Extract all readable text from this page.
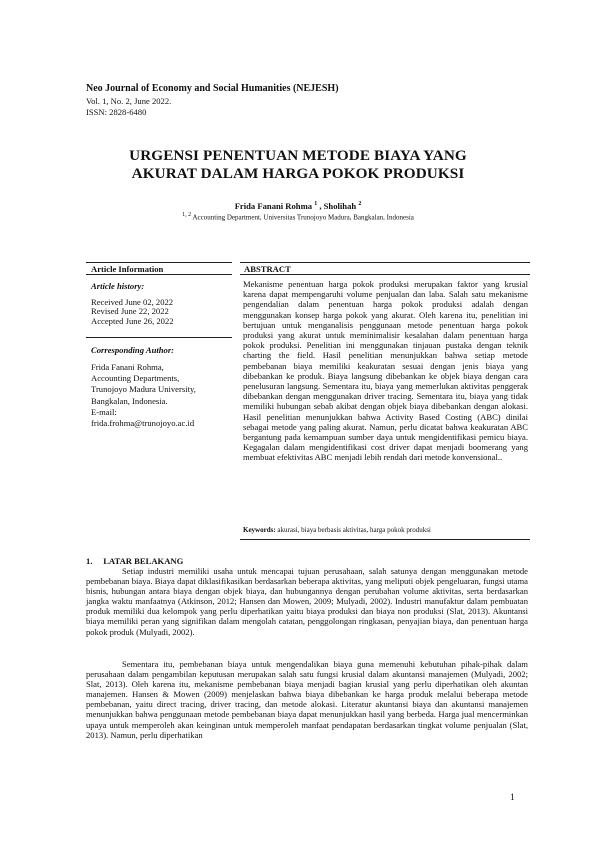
Neo Journal of Economy and Social Humanities (NEJESH)
Vol. 1, No. 2, June 2022.
ISSN: 2828-6480
URGENSI PENENTUAN METODE BIAYA YANG
AKURAT DALAM HARGA POKOK PRODUKSI
Frida Fanani Rohma $^1$ , Sholihah $^2$
1, 2 Accounting Department, Universitas Trunojoyo Madura, Bangkalan, Indonesia
Article Information
Article history:
Received June 02, 2022
Revised June 22, 2022
Accepted June 26, 2022
Corresponding Author:
Frida Fanani Rohma,
Accounting Departments,
Trunojoyo Madura University,
Bangkalan, Indonesia.
E-mail:
frida.frohma@trunojoyo.ac.id
ABSTRACT
Mekanisme penentuan harga pokok produksi merupakan faktor yang krusial karena dapat mempengaruhi volume penjualan dan laba. Salah satu mekanisme pengendalian dalam penentuan harga pokok produksi adalah dengan menggunakan konsep harga pokok yang akurat. Oleh karena itu, penelitian ini bertujuan untuk menganalisis penggunaan metode penentuan harga pokok produksi yang akurat untuk meminimalisir kesalahan dalam penentuan harga pokok produksi. Penelitian ini menggunakan tinjauan pustaka dengan teknik charting the field. Hasil penelitian menunjukkan bahwa setiap metode pembebanan biaya memiliki keakuratan sesuai dengan jenis biaya yang dibebankan ke produk. Biaya langsung dibebankan ke objek biaya dengan cara penelusuran langsung. Sementara itu, biaya yang memerlukan aktivitas penggerak dibebankan dengan menggunakan driver tracing. Sementara itu, biaya yang tidak memiliki hubungan sebab akibat dengan objek biaya dibebankan dengan alokasi. Hasil penelitian menunjukkan bahwa Activity Based Costing (ABC) dinilai sebagai metode yang paling akurat. Namun, perlu dicatat bahwa keakuratan ABC bergantung pada kemampuan sumber daya untuk mengidentifikasi pemicu biaya. Kegagalan dalam mengidentifikasi cost driver dapat menjadi boomerang yang membuat efektivitas ABC menjadi lebih rendah dari metode konvensional..
Keywords: akurasi, biaya berbasis aktivitas, harga pokok produksi
1.     LATAR BELAKANG
Setiap industri memiliki usaha untuk mencapai tujuan perusahaan, salah satunya dengan menggunakan metode pembebanan biaya. Biaya dapat diklasifikasikan berdasarkan beberapa aktivitas, yang meliputi objek pengeluaran, fungsi utama bisnis, hubungan antara biaya dengan objek biaya, dan hubungannya dengan perubahan volume aktivitas, serta berdasarkan jangka waktu manfaatnya (Atkinson, 2012; Hansen dan Mowen, 2009; Mulyadi, 2002). Industri manufaktur dalam pembuatan produk memiliki dua kelompok yang perlu diperhatikan yaitu biaya produksi dan biaya non produksi (Slat, 2013). Akuntansi biaya memiliki peran yang signifikan dalam mengolah catatan, penggolongan ringkasan, penyajian biaya, dan penentuan harga pokok produk (Mulyadi, 2002).
Sementara itu, pembebanan biaya untuk mengendalikan biaya guna memenuhi kebutuhan pihak-pihak dalam perusahaan dalam pengambilan keputusan merupakan salah satu fungsi krusial dalam akuntansi manajemen (Mulyadi, 2002; Slat, 2013). Oleh karena itu, mekanisme pembebanan biaya menjadi bagian krusial yang perlu diperhatikan oleh akuntan manajemen. Hansen & Mowen (2009) menjelaskan bahwa biaya dibebankan ke harga produk melalui beberapa metode pembebanan, yaitu direct tracing, driver tracing, dan metode alokasi. Literatur akuntansi biaya dan akuntansi manajemen menunjukkan bahwa penggunaan metode pembebanan biaya dapat menunjukkan hasil yang berbeda. Harga jual mencerminkan upaya untuk memperoleh akan keinginan untuk memperoleh manfaat pendapatan berdasarkan tingkat volume penjualan (Slat, 2013). Namun, perlu diperhatikan
1
